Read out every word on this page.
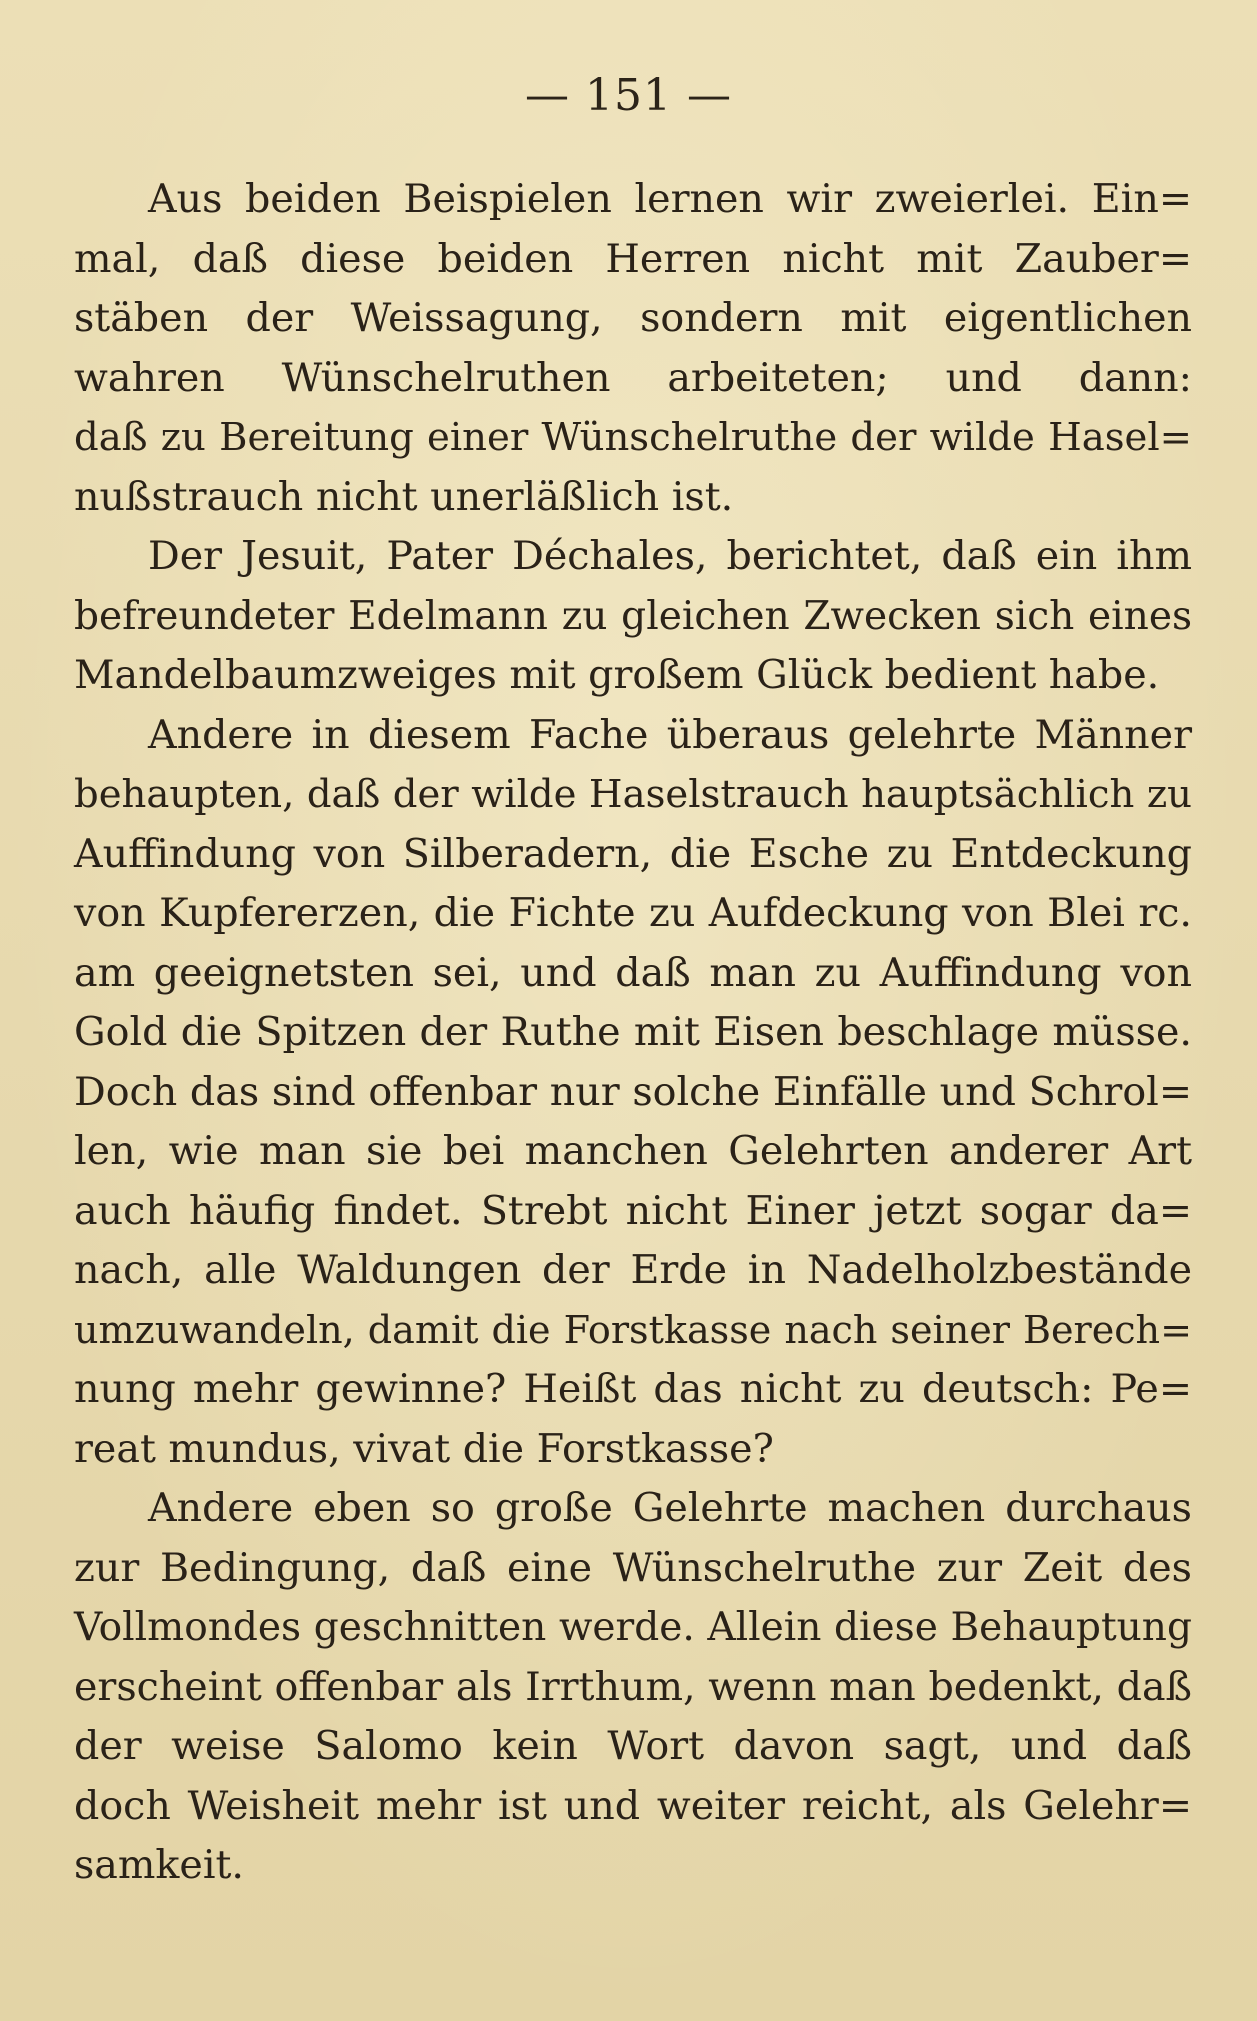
— 151 —
Aus beiden Beispielen lernen wir zweierlei. Ein=
mal, daß diese beiden Herren nicht mit Zauber=
stäben der Weissagung, sondern mit eigentlichen
wahren Wünschelruthen arbeiteten; und dann:
daß zu Bereitung einer Wünschelruthe der wilde Hasel=
nußstrauch nicht unerläßlich ist.
Der Jesuit, Pater Déchales, berichtet, daß ein ihm
befreundeter Edelmann zu gleichen Zwecken sich eines
Mandelbaumzweiges mit großem Glück bedient habe.
Andere in diesem Fache überaus gelehrte Männer
behaupten, daß der wilde Haselstrauch hauptsächlich zu
Auffindung von Silberadern, die Esche zu Entdeckung
von Kupfererzen, die Fichte zu Aufdeckung von Blei rc.
am geeignetsten sei, und daß man zu Auffindung von
Gold die Spitzen der Ruthe mit Eisen beschlage müsse.
Doch das sind offenbar nur solche Einfälle und Schrol=
len, wie man sie bei manchen Gelehrten anderer Art
auch häufig findet. Strebt nicht Einer jetzt sogar da=
nach, alle Waldungen der Erde in Nadelholzbestände
umzuwandeln, damit die Forstkasse nach seiner Berech=
nung mehr gewinne? Heißt das nicht zu deutsch: Pe=
reat mundus, vivat die Forstkasse?
Andere eben so große Gelehrte machen durchaus
zur Bedingung, daß eine Wünschelruthe zur Zeit des
Vollmondes geschnitten werde. Allein diese Behauptung
erscheint offenbar als Irrthum, wenn man bedenkt, daß
der weise Salomo kein Wort davon sagt, und daß
doch Weisheit mehr ist und weiter reicht, als Gelehr=
samkeit.
